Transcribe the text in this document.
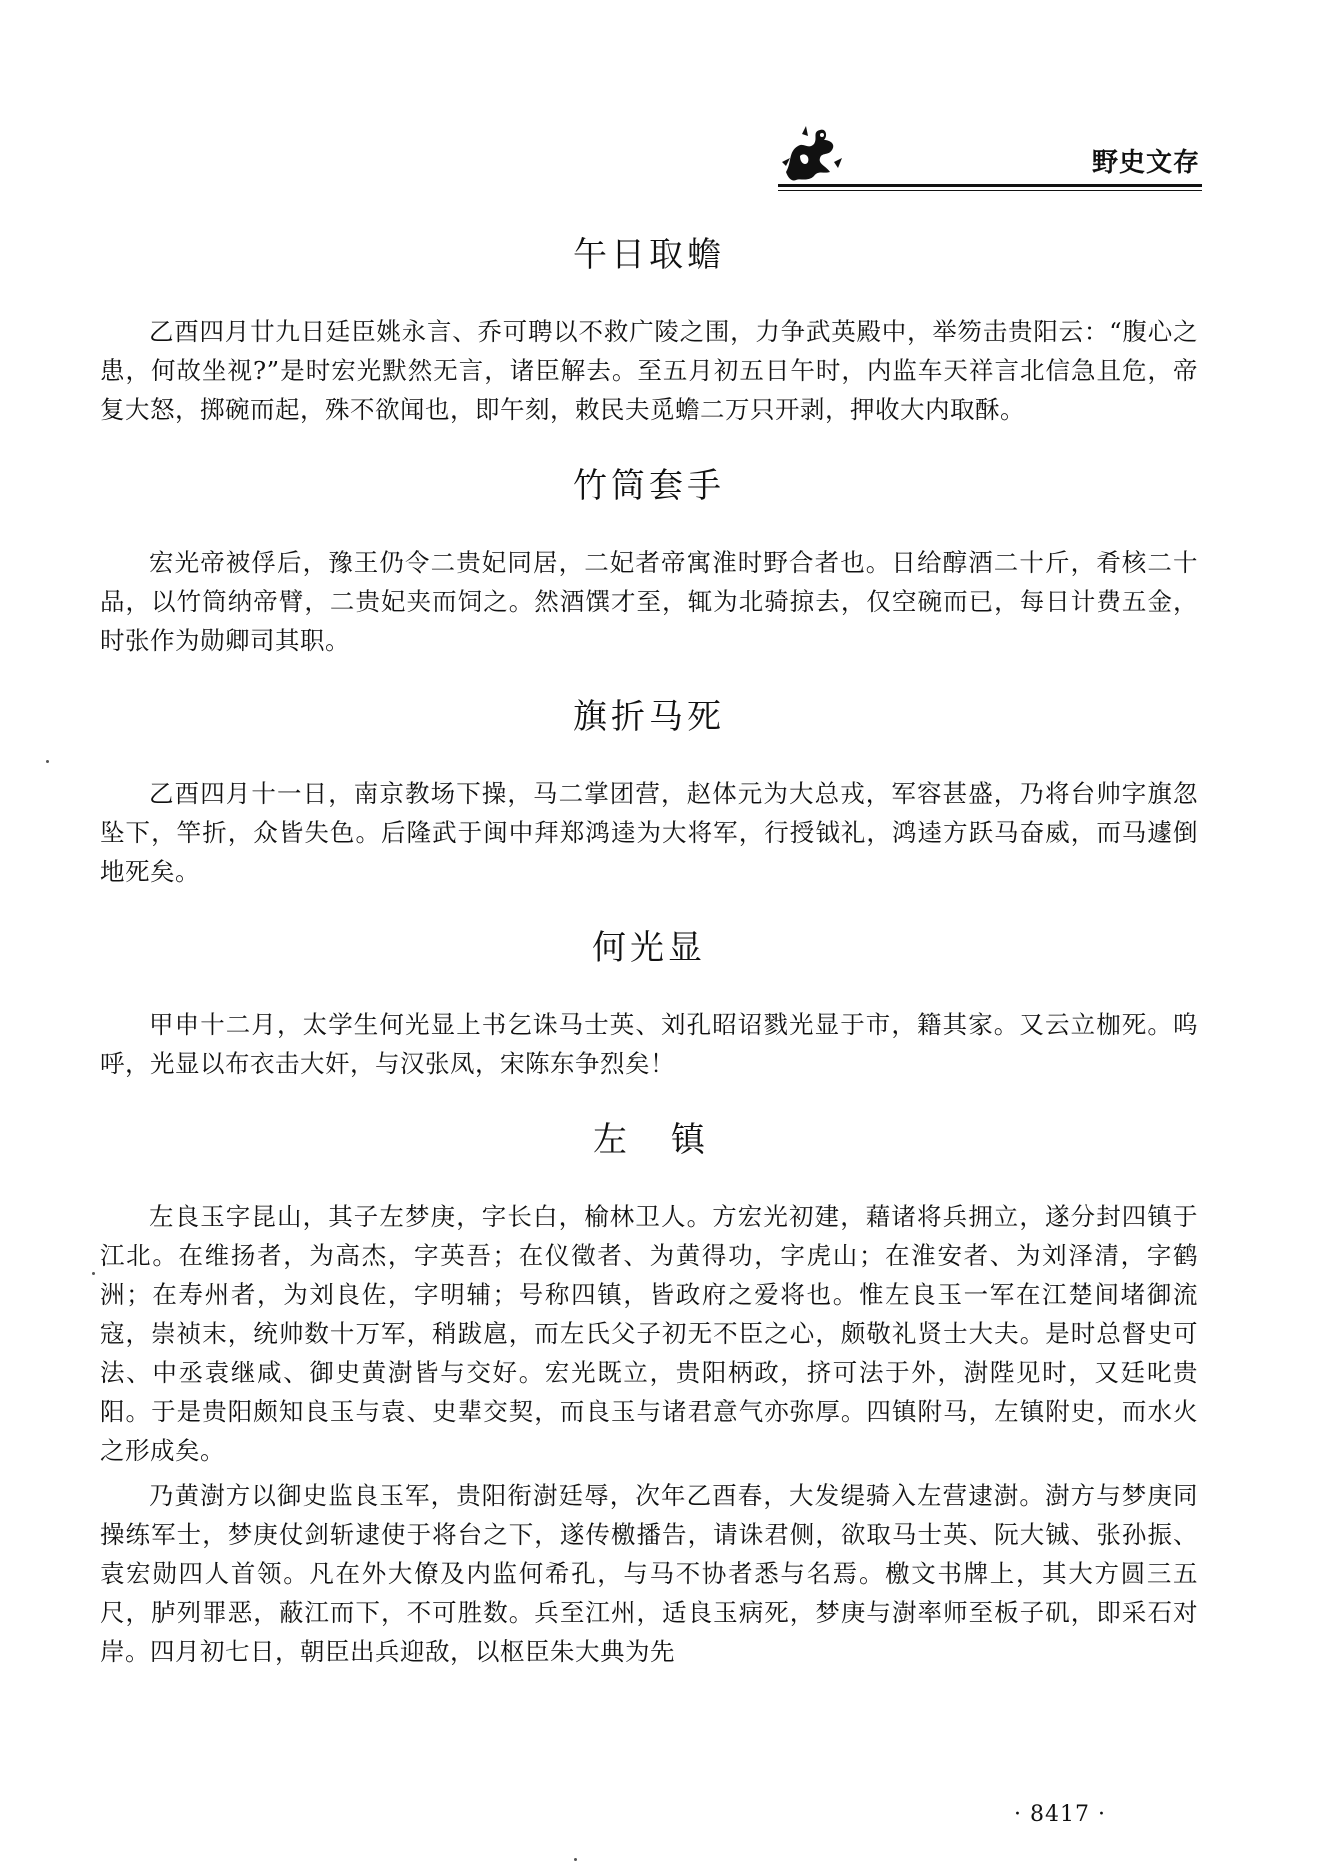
野史文存
午日取蟾

乙酉四月廿九日廷臣姚永言、乔可聘以不救广陵之围，力争武英殿中，举笏击贵阳云：“腹心之患，何故坐视?”是时宏光默然无言，诸臣解去。至五月初五日午时，内监车天祥言北信急且危，帝复大怒，掷碗而起，殊不欲闻也，即午刻，敕民夫觅蟾二万只开剥，押收大内取酥。

竹筒套手

宏光帝被俘后，豫王仍令二贵妃同居，二妃者帝寓淮时野合者也。日给醇酒二十斤，肴核二十品，以竹筒纳帝臂，二贵妃夹而饲之。然酒馔才至，辄为北骑掠去，仅空碗而已，每日计费五金，时张作为勋卿司其职。

旗折马死

乙酉四月十一日，南京教场下操，马二掌团营，赵体元为大总戎，军容甚盛，乃将台帅字旗忽坠下，竿折，众皆失色。后隆武于闽中拜郑鸿逵为大将军，行授钺礼，鸿逵方跃马奋威，而马遽倒地死矣。

何光显

甲申十二月，太学生何光显上书乞诛马士英、刘孔昭诏戮光显于市，籍其家。又云立枷死。呜呼，光显以布衣击大奸，与汉张凤，宋陈东争烈矣！

左镇

左良玉字昆山，其子左梦庚，字长白，榆林卫人。方宏光初建，藉诸将兵拥立，遂分封四镇于江北。在维扬者，为高杰，字英吾；在仪徵者、为黄得功，字虎山；在淮安者、为刘泽清，字鹤洲；在寿州者，为刘良佐，字明辅；号称四镇，皆政府之爱将也。惟左良玉一军在江楚间堵御流寇，崇祯末，统帅数十万军，稍跋扈，而左氏父子初无不臣之心，颇敬礼贤士大夫。是时总督史可法、中丞袁继咸、御史黄澍皆与交好。宏光既立，贵阳柄政，挤可法于外，澍陛见时，又廷叱贵阳。于是贵阳颇知良玉与袁、史辈交契，而良玉与诸君意气亦弥厚。四镇附马，左镇附史，而水火之形成矣。

乃黄澍方以御史监良玉军，贵阳衔澍廷辱，次年乙酉春，大发缇骑入左营逮澍。澍方与梦庚同操练军士，梦庚仗剑斩逮使于将台之下，遂传檄播告，请诛君侧，欲取马士英、阮大铖、张孙振、袁宏勋四人首领。凡在外大僚及内监何希孔，与马不协者悉与名焉。檄文书牌上，其大方圆三五尺，胪列罪恶，蔽江而下，不可胜数。兵至江州，适良玉病死，梦庚与澍率师至板子矶，即采石对岸。四月初七日，朝臣出兵迎敌，以枢臣朱大典为先

· 8417 ·
